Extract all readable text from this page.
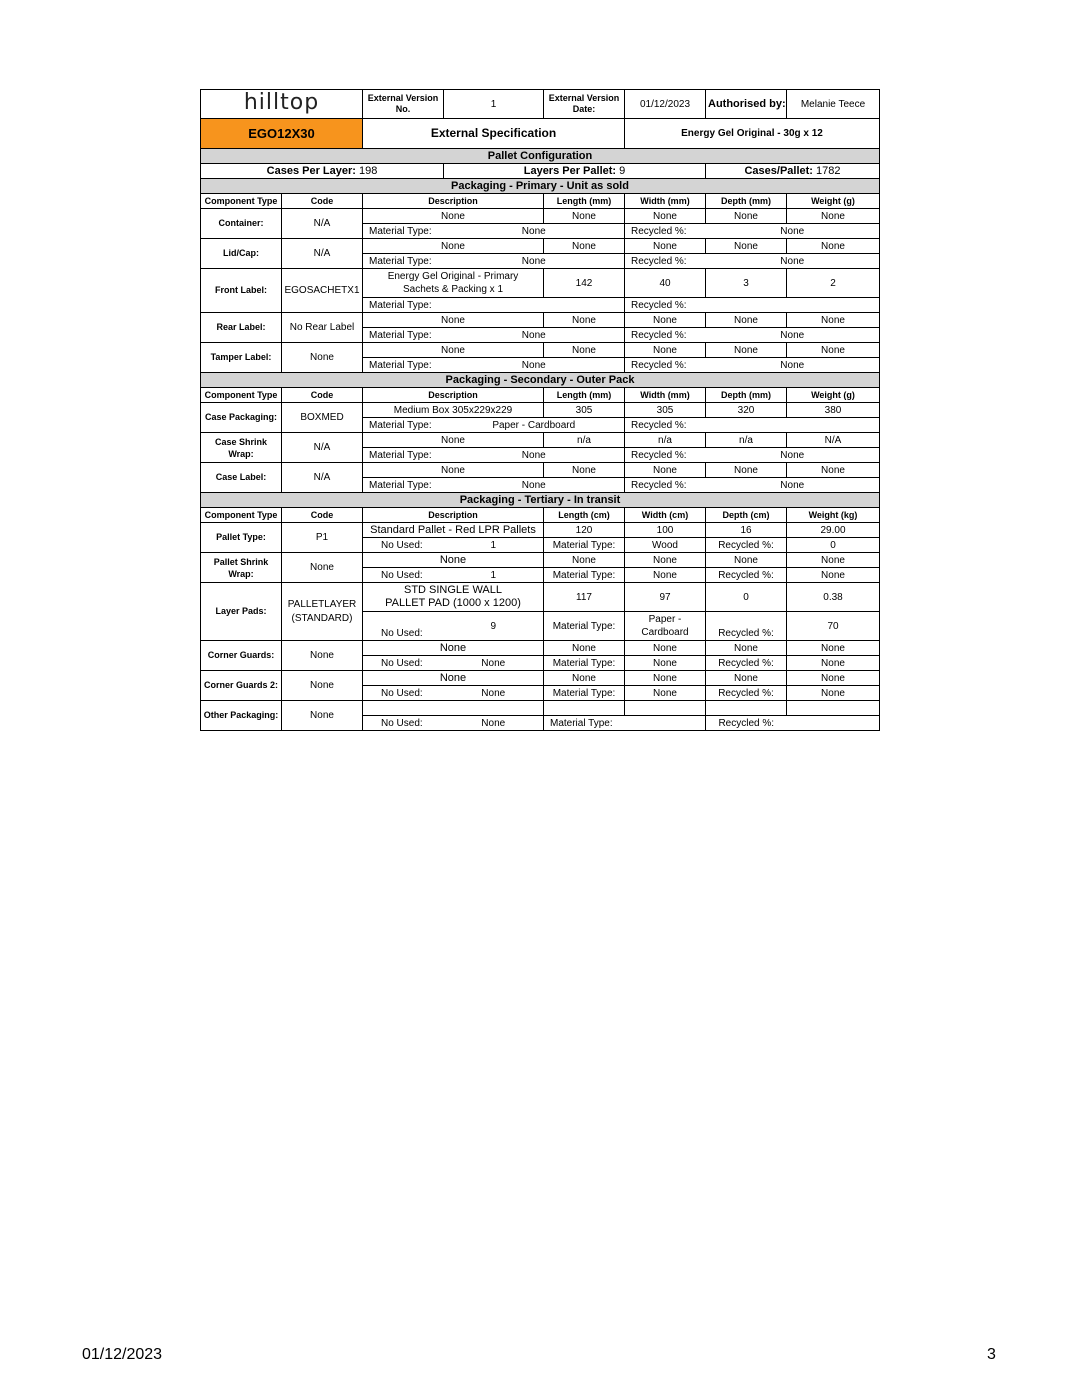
hilltop		External Version No.	1	External Version Date:	01/12/2023	Authorised by:	Melanie Teece
EGO12X30		External Specification			Energy Gel Original - 30g x 12		
Pallet Configuration							
Cases Per Layer: 198			Layers Per Pallet: 9			Cases/Pallet: 1782	
Packaging - Primary - Unit as sold							
Component Type	Code	Description		Length (mm)	Width (mm)	Depth (mm)	Weight (g)
Container:	N/A	None		None	None	None	None
		Material Type:	None		Recycled %:	None	
Lid/Cap:	N/A	None		None	None	None	None
		Material Type:	None		Recycled %:	None	
Front Label:	EGOSACHETX1	Energy Gel Original - Primary Sachets & Packing x 1		142	40	3	2
		Material Type:			Recycled %:		
Rear Label:	No Rear Label	None		None	None	None	None
		Material Type:	None		Recycled %:	None	
Tamper Label:	None	None		None	None	None	None
		Material Type:	None		Recycled %:	None	
Packaging - Secondary - Outer Pack							
Component Type	Code	Description		Length (mm)	Width (mm)	Depth (mm)	Weight (g)
Case Packaging:	BOXMED	Medium Box 305x229x229		305	305	320	380
		Material Type:	Paper - Cardboard		Recycled %:		
Case Shrink Wrap:	N/A	None		n/a	n/a	n/a	N/A
		Material Type:	None		Recycled %:	None	
Case Label:	N/A	None		None	None	None	None
		Material Type:	None		Recycled %:	None	
Packaging - Tertiary - In transit							
Component Type	Code	Description		Length (cm)	Width (cm)	Depth (cm)	Weight (kg)
Pallet Type:	P1	Standard Pallet - Red LPR Pallets		120	100	16	29.00
		No Used:	1	Material Type:	Wood	Recycled %:	0
Pallet Shrink Wrap:	None	None		None	None	None	None
		No Used:	1	Material Type:	None	Recycled %:	None
Layer Pads:	PALLETLAYER(STANDARD)	STD SINGLE WALL PALLET PAD (1000 x 1200)		117	97	0	0.38
		No Used:	9	Material Type:	Paper - Cardboard	Recycled %:	70
Corner Guards:	None	None		None	None	None	None
		No Used:	None	Material Type:	None	Recycled %:	None
Corner Guards 2:	None	None		None	None	None	None
		No Used:	None	Material Type:	None	Recycled %:	None
Other Packaging:	None						
		No Used:	None	Material Type:		Recycled %:	
01/12/2023	3
